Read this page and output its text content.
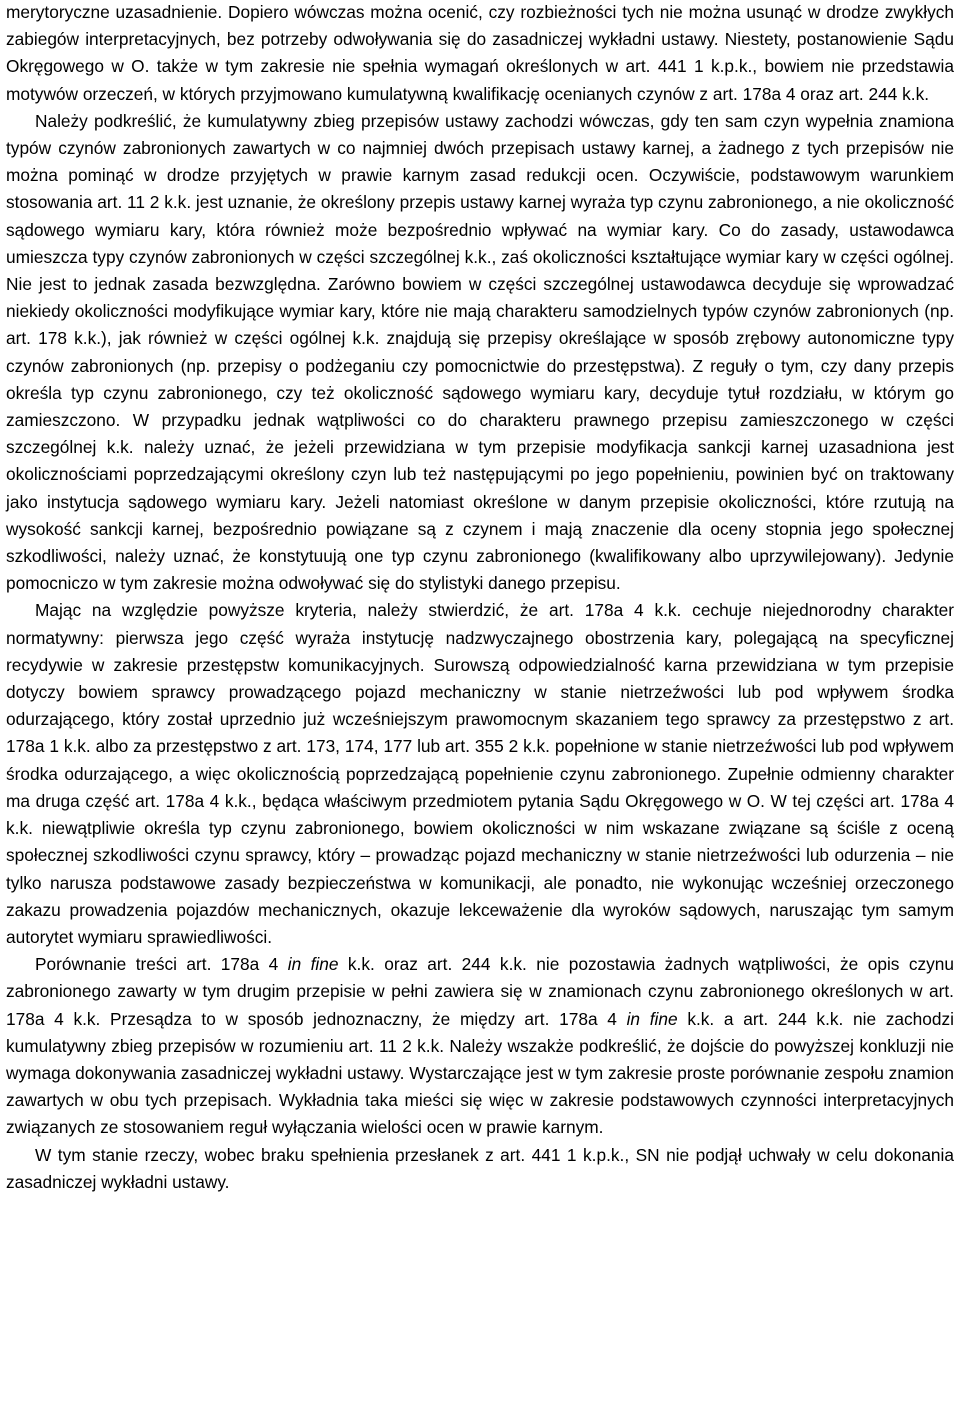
merytoryczne uzasadnienie. Dopiero wówczas można ocenić, czy rozbieżności tych nie można usunąć w drodze zwykłych zabiegów interpretacyjnych, bez potrzeby odwoływania się do zasadniczej wykładni ustawy. Niestety, postanowienie Sądu Okręgowego w O. także w tym zakresie nie spełnia wymagań określonych w art. 441 1 k.p.k., bowiem nie przedstawia motywów orzeczeń, w których przyjmowano kumulatywną kwalifikację ocenianych czynów z art. 178a 4 oraz art. 244 k.k.

Należy podkreślić, że kumulatywny zbieg przepisów ustawy zachodzi wówczas, gdy ten sam czyn wypełnia znamiona typów czynów zabronionych zawartych w co najmniej dwóch przepisach ustawy karnej, a żadnego z tych przepisów nie można pominąć w drodze przyjętych w prawie karnym zasad redukcji ocen. Oczywiście, podstawowym warunkiem stosowania art. 11 2 k.k. jest uznanie, że określony przepis ustawy karnej wyraża typ czynu zabronionego, a nie okoliczność sądowego wymiaru kary, która również może bezpośrednio wpływać na wymiar kary. Co do zasady, ustawodawca umieszcza typy czynów zabronionych w części szczególnej k.k., zaś okoliczności kształtujące wymiar kary w części ogólnej. Nie jest to jednak zasada bezwzględna. Zarówno bowiem w części szczególnej ustawodawca decyduje się wprowadzać niekiedy okoliczności modyfikujące wymiar kary, które nie mają charakteru samodzielnych typów czynów zabronionych (np. art. 178 k.k.), jak również w części ogólnej k.k. znajdują się przepisy określające w sposób zrębowy autonomiczne typy czynów zabronionych (np. przepisy o podżeganiu czy pomocnictwie do przestępstwa). Z reguły o tym, czy dany przepis określa typ czynu zabronionego, czy też okoliczność sądowego wymiaru kary, decyduje tytuł rozdziału, w którym go zamieszczono. W przypadku jednak wątpliwości co do charakteru prawnego przepisu zamieszczonego w części szczególnej k.k. należy uznać, że jeżeli przewidziana w tym przepisie modyfikacja sankcji karnej uzasadniona jest okolicznościami poprzedzającymi określony czyn lub też następującymi po jego popełnieniu, powinien być on traktowany jako instytucja sądowego wymiaru kary. Jeżeli natomiast określone w danym przepisie okoliczności, które rzutują na wysokość sankcji karnej, bezpośrednio powiązane są z czynem i mają znaczenie dla oceny stopnia jego społecznej szkodliwości, należy uznać, że konstytuują one typ czynu zabronionego (kwalifikowany albo uprzywilejowany). Jedynie pomocniczo w tym zakresie można odwoływać się do stylistyki danego przepisu.

Mając na względzie powyższe kryteria, należy stwierdzić, że art. 178a 4 k.k. cechuje niejednorodny charakter normatywny: pierwsza jego część wyraża instytucję nadzwyczajnego obostrzenia kary, polegającą na specyficznej recydywie w zakresie przestępstw komunikacyjnych. Surowszą odpowiedzialność karna przewidziana w tym przepisie dotyczy bowiem sprawcy prowadzącego pojazd mechaniczny w stanie nietrzeźwości lub pod wpływem środka odurzającego, który został uprzednio już wcześniejszym prawomocnym skazaniem tego sprawcy za przestępstwo z art. 178a 1 k.k. albo za przestępstwo z art. 173, 174, 177 lub art. 355 2 k.k. popełnione w stanie nietrzeźwości lub pod wpływem środka odurzającego, a więc okolicznością poprzedzającą popełnienie czynu zabronionego. Zupełnie odmienny charakter ma druga część art. 178a 4 k.k., będąca właściwym przedmiotem pytania Sądu Okręgowego w O. W tej części art. 178a 4 k.k. niewątpliwie określa typ czynu zabronionego, bowiem okoliczności w nim wskazane związane są ściśle z oceną społecznej szkodliwości czynu sprawcy, który – prowadząc pojazd mechaniczny w stanie nietrzeźwości lub odurzenia – nie tylko narusza podstawowe zasady bezpieczeństwa w komunikacji, ale ponadto, nie wykonując wcześniej orzeczonego zakazu prowadzenia pojazdów mechanicznych, okazuje lekceważenie dla wyroków sądowych, naruszając tym samym autorytet wymiaru sprawiedliwości.

Porównanie treści art. 178a 4 in fine k.k. oraz art. 244 k.k. nie pozostawia żadnych wątpliwości, że opis czynu zabronionego zawarty w tym drugim przepisie w pełni zawiera się w znamionach czynu zabronionego określonych w art. 178a 4 k.k. Przesądza to w sposób jednoznaczny, że między art. 178a 4 in fine k.k. a art. 244 k.k. nie zachodzi kumulatywny zbieg przepisów w rozumieniu art. 11 2 k.k. Należy wszakże podkreślić, że dojście do powyższej konkluzji nie wymaga dokonywania zasadniczej wykładni ustawy. Wystarczające jest w tym zakresie proste porównanie zespołu znamion zawartych w obu tych przepisach. Wykładnia taka mieści się więc w zakresie podstawowych czynności interpretacyjnych związanych ze stosowaniem reguł wyłączania wielości ocen w prawie karnym.

W tym stanie rzeczy, wobec braku spełnienia przesłanek z art. 441 1 k.p.k., SN nie podjął uchwały w celu dokonania zasadniczej wykładni ustawy.
